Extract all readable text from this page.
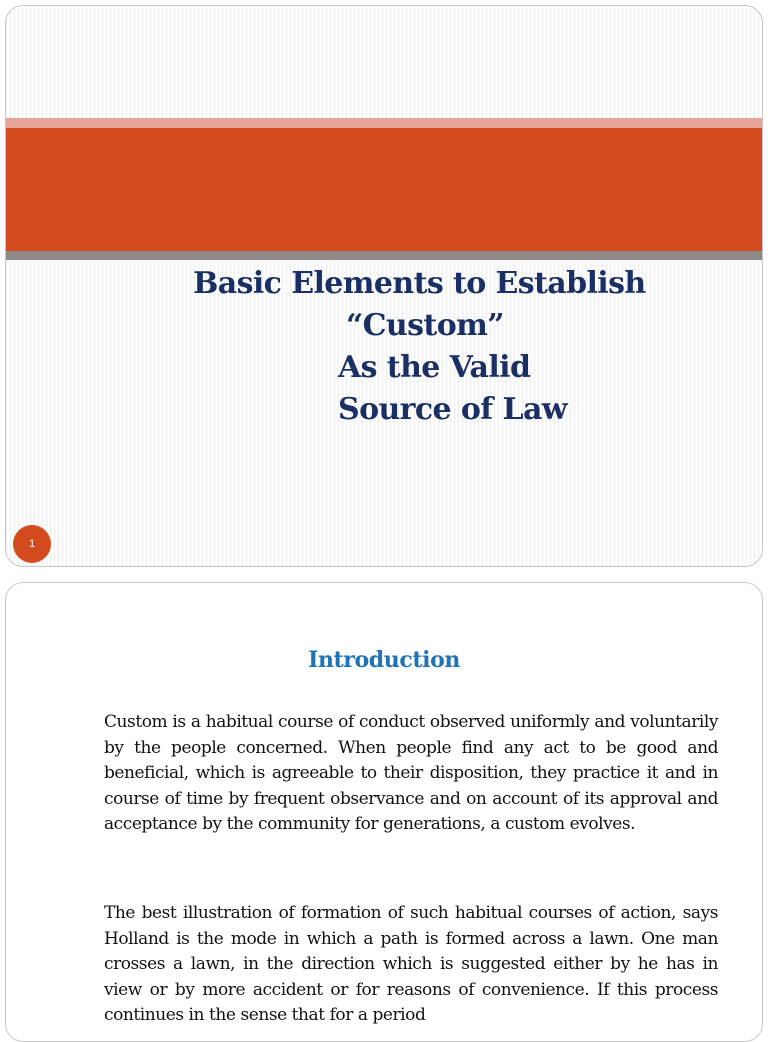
Basic Elements to Establish
“Custom”
As the Valid
Source of Law
1
Introduction
Custom is a habitual course of conduct observed uniformly and voluntarily by the people concerned. When people find any act to be good and beneficial, which is agreeable to their disposition, they practice it and in course of time by frequent observance and on account of its approval and acceptance by the community for generations, a custom evolves.
The best illustration of formation of such habitual courses of action, says Holland is the mode in which a path is formed across a lawn. One man crosses a lawn, in the direction which is suggested either by he has in view or by more accident or for reasons of convenience. If this process continues in the sense that for a period
